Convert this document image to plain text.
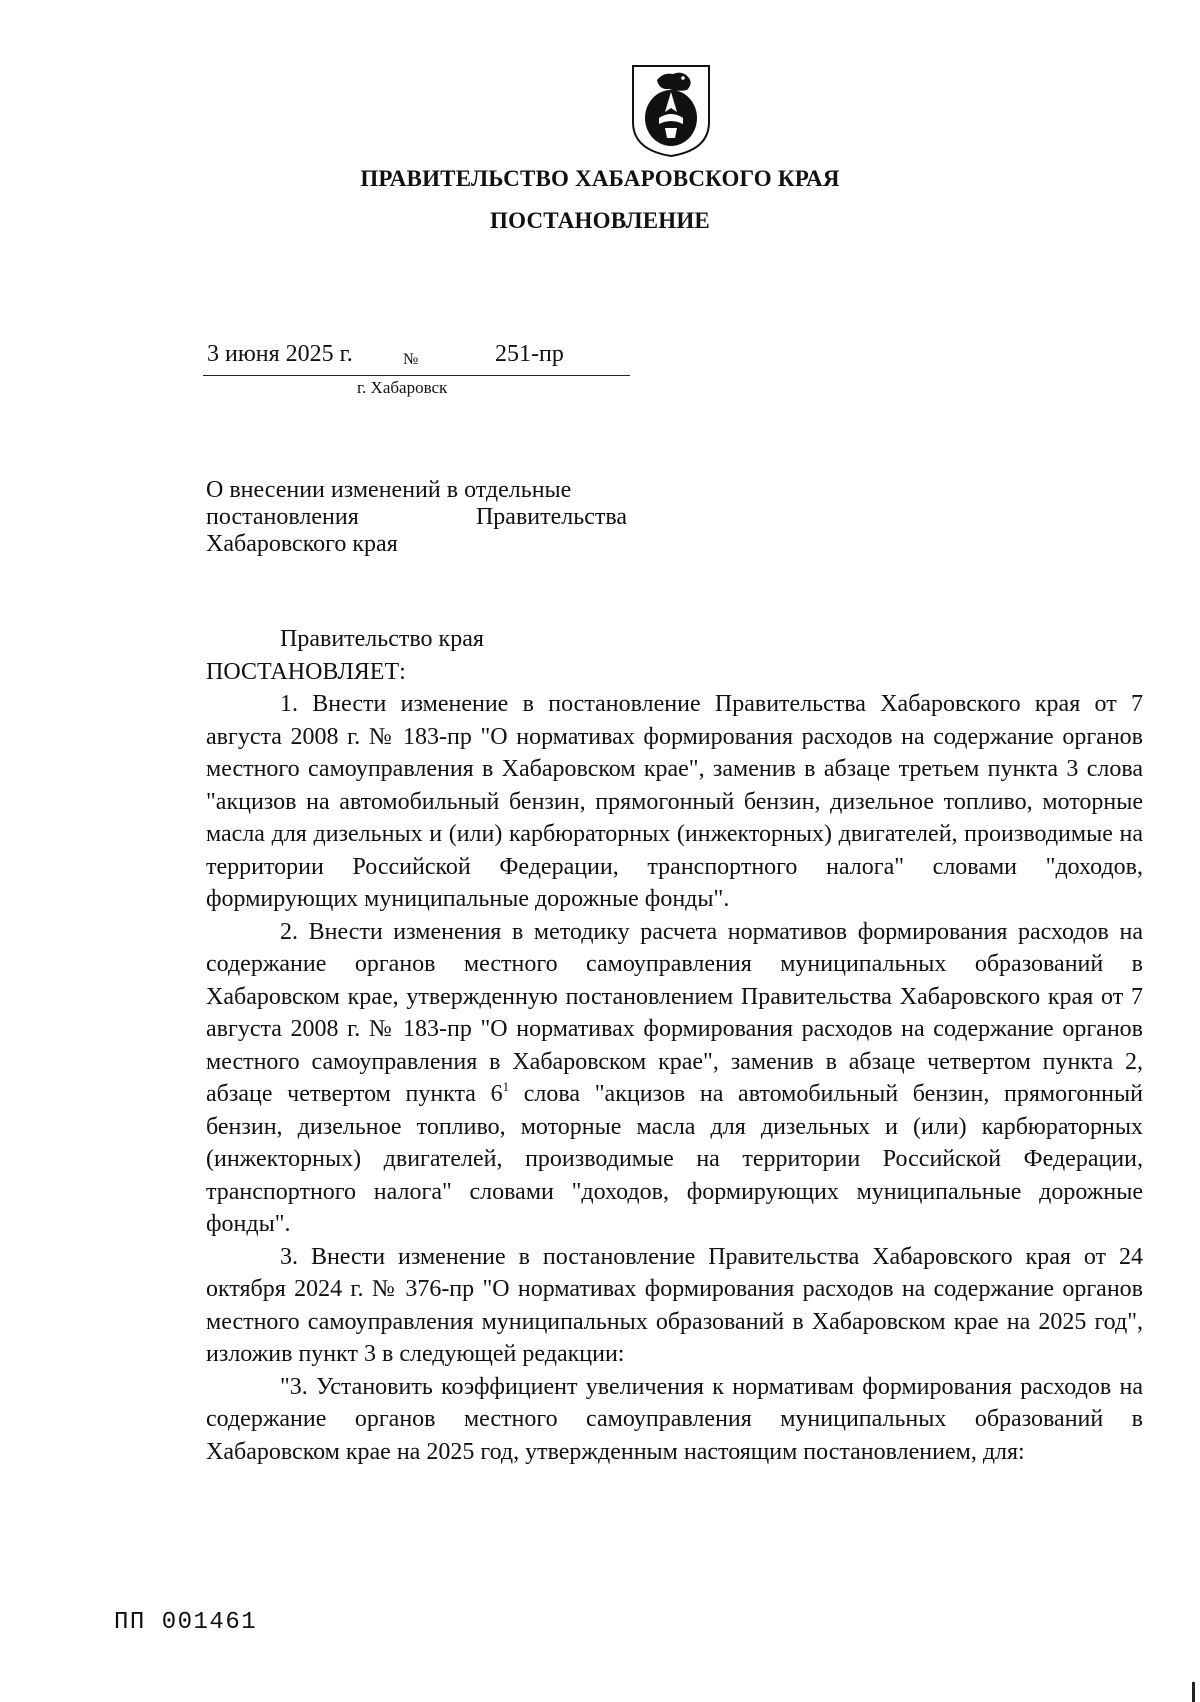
ПРАВИТЕЛЬСТВО ХАБАРОВСКОГО КРАЯ
ПОСТАНОВЛЕНИЕ
3 июня 2025 г.	№	251-пр
г. Хабаровск
О внесении изменений в отдельные
постановления	Правительства
Хабаровского края

Правительство края

ПОСТАНОВЛЯЕТ:

1. Внести изменение в постановление Правительства Хабаровского края от 7 августа 2008 г. № 183-пр "О нормативах формирования расходов на содержание органов местного самоуправления в Хабаровском крае", заменив в абзаце третьем пункта 3 слова "акцизов на автомобильный бензин, прямогонный бензин, дизельное топливо, моторные масла для дизельных и (или) карбюраторных (инжекторных) двигателей, производимые на территории Российской Федерации, транспортного налога" словами "доходов, формирующих муниципальные дорожные фонды".

2. Внести изменения в методику расчета нормативов формирования расходов на содержание органов местного самоуправления муниципальных образований в Хабаровском крае, утвержденную постановлением Правительства Хабаровского края от 7 августа 2008 г. № 183-пр "О нормативах формирования расходов на содержание органов местного самоуправления в Хабаровском крае", заменив в абзаце четвертом пункта 2, абзаце четвертом пункта $6^1$ слова "акцизов на автомобильный бензин, прямогонный бензин, дизельное топливо, моторные масла для дизельных и (или) карбюраторных (инжекторных) двигателей, производимые на территории Российской Федерации, транспортного налога" словами "доходов, формирующих муниципальные дорожные фонды".

3. Внести изменение в постановление Правительства Хабаровского края от 24 октября 2024 г. № 376-пр "О нормативах формирования расходов на содержание органов местного самоуправления муниципальных образований в Хабаровском крае на 2025 год", изложив пункт 3 в следующей редакции:

"3. Установить коэффициент увеличения к нормативам формирования расходов на содержание органов местного самоуправления муниципальных образований в Хабаровском крае на 2025 год, утвержденным настоящим постановлением, для:

ПП 001461
